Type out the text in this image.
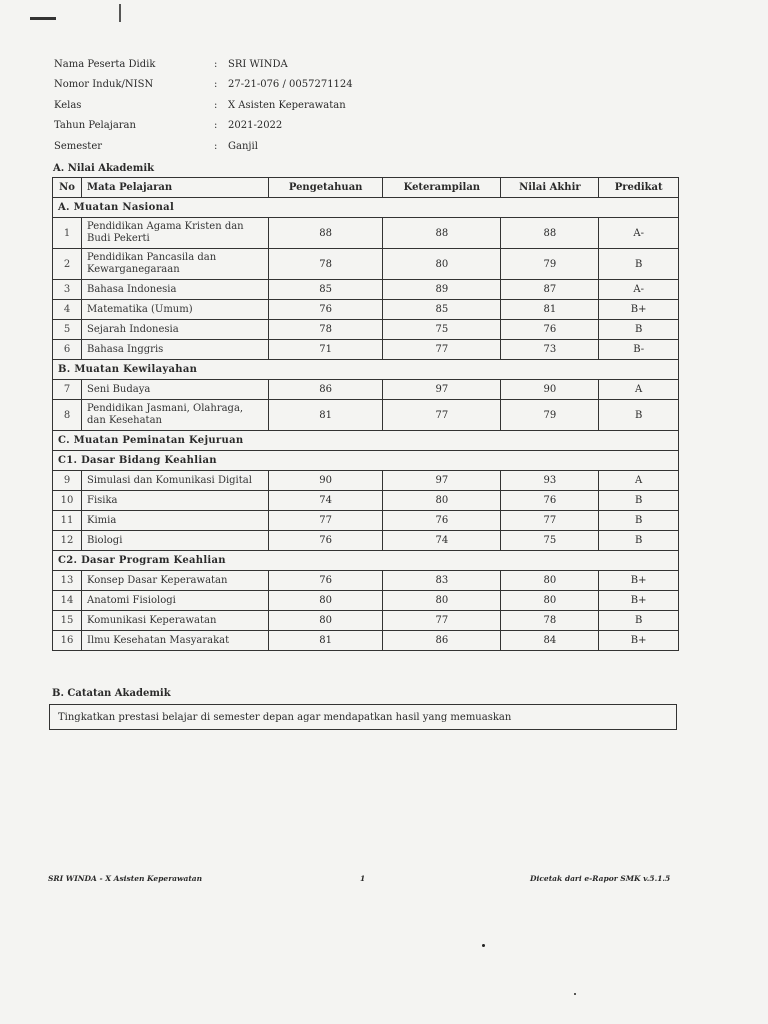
Nama Peserta Didik	:	SRI WINDA
Nomor Induk/NISN	:	27-21-076 / 0057271124
Kelas	:	X Asisten Keperawatan
Tahun Pelajaran	:	2021-2022
Semester	:	Ganjil
A. Nilai Akademik
No	Mata Pelajaran	Pengetahuan	Keterampilan	Nilai Akhir	Predikat
A. Muatan Nasional					
1	Pendidikan Agama Kristen dan Budi Pekerti	88	88	88	A-
2	Pendidikan Pancasila dan Kewarganegaraan	78	80	79	B
3	Bahasa Indonesia	85	89	87	A-
4	Matematika (Umum)	76	85	81	B+
5	Sejarah Indonesia	78	75	76	B
6	Bahasa Inggris	71	77	73	B-
B. Muatan Kewilayahan					
7	Seni Budaya	86	97	90	A
8	Pendidikan Jasmani, Olahraga, dan Kesehatan	81	77	79	B
C. Muatan Peminatan Kejuruan					
C1. Dasar Bidang Keahlian					
9	Simulasi dan Komunikasi Digital	90	97	93	A
10	Fisika	74	80	76	B
11	Kimia	77	76	77	B
12	Biologi	76	74	75	B
C2. Dasar Program Keahlian					
13	Konsep Dasar Keperawatan	76	83	80	B+
14	Anatomi Fisiologi	80	80	80	B+
15	Komunikasi Keperawatan	80	77	78	B
16	Ilmu Kesehatan Masyarakat	81	86	84	B+
B. Catatan Akademik
Tingkatkan prestasi belajar di semester depan agar mendapatkan hasil yang memuaskan
SRI WINDA - X Asisten Keperawatan	1	Dicetak dari e-Rapor SMK v.5.1.5
